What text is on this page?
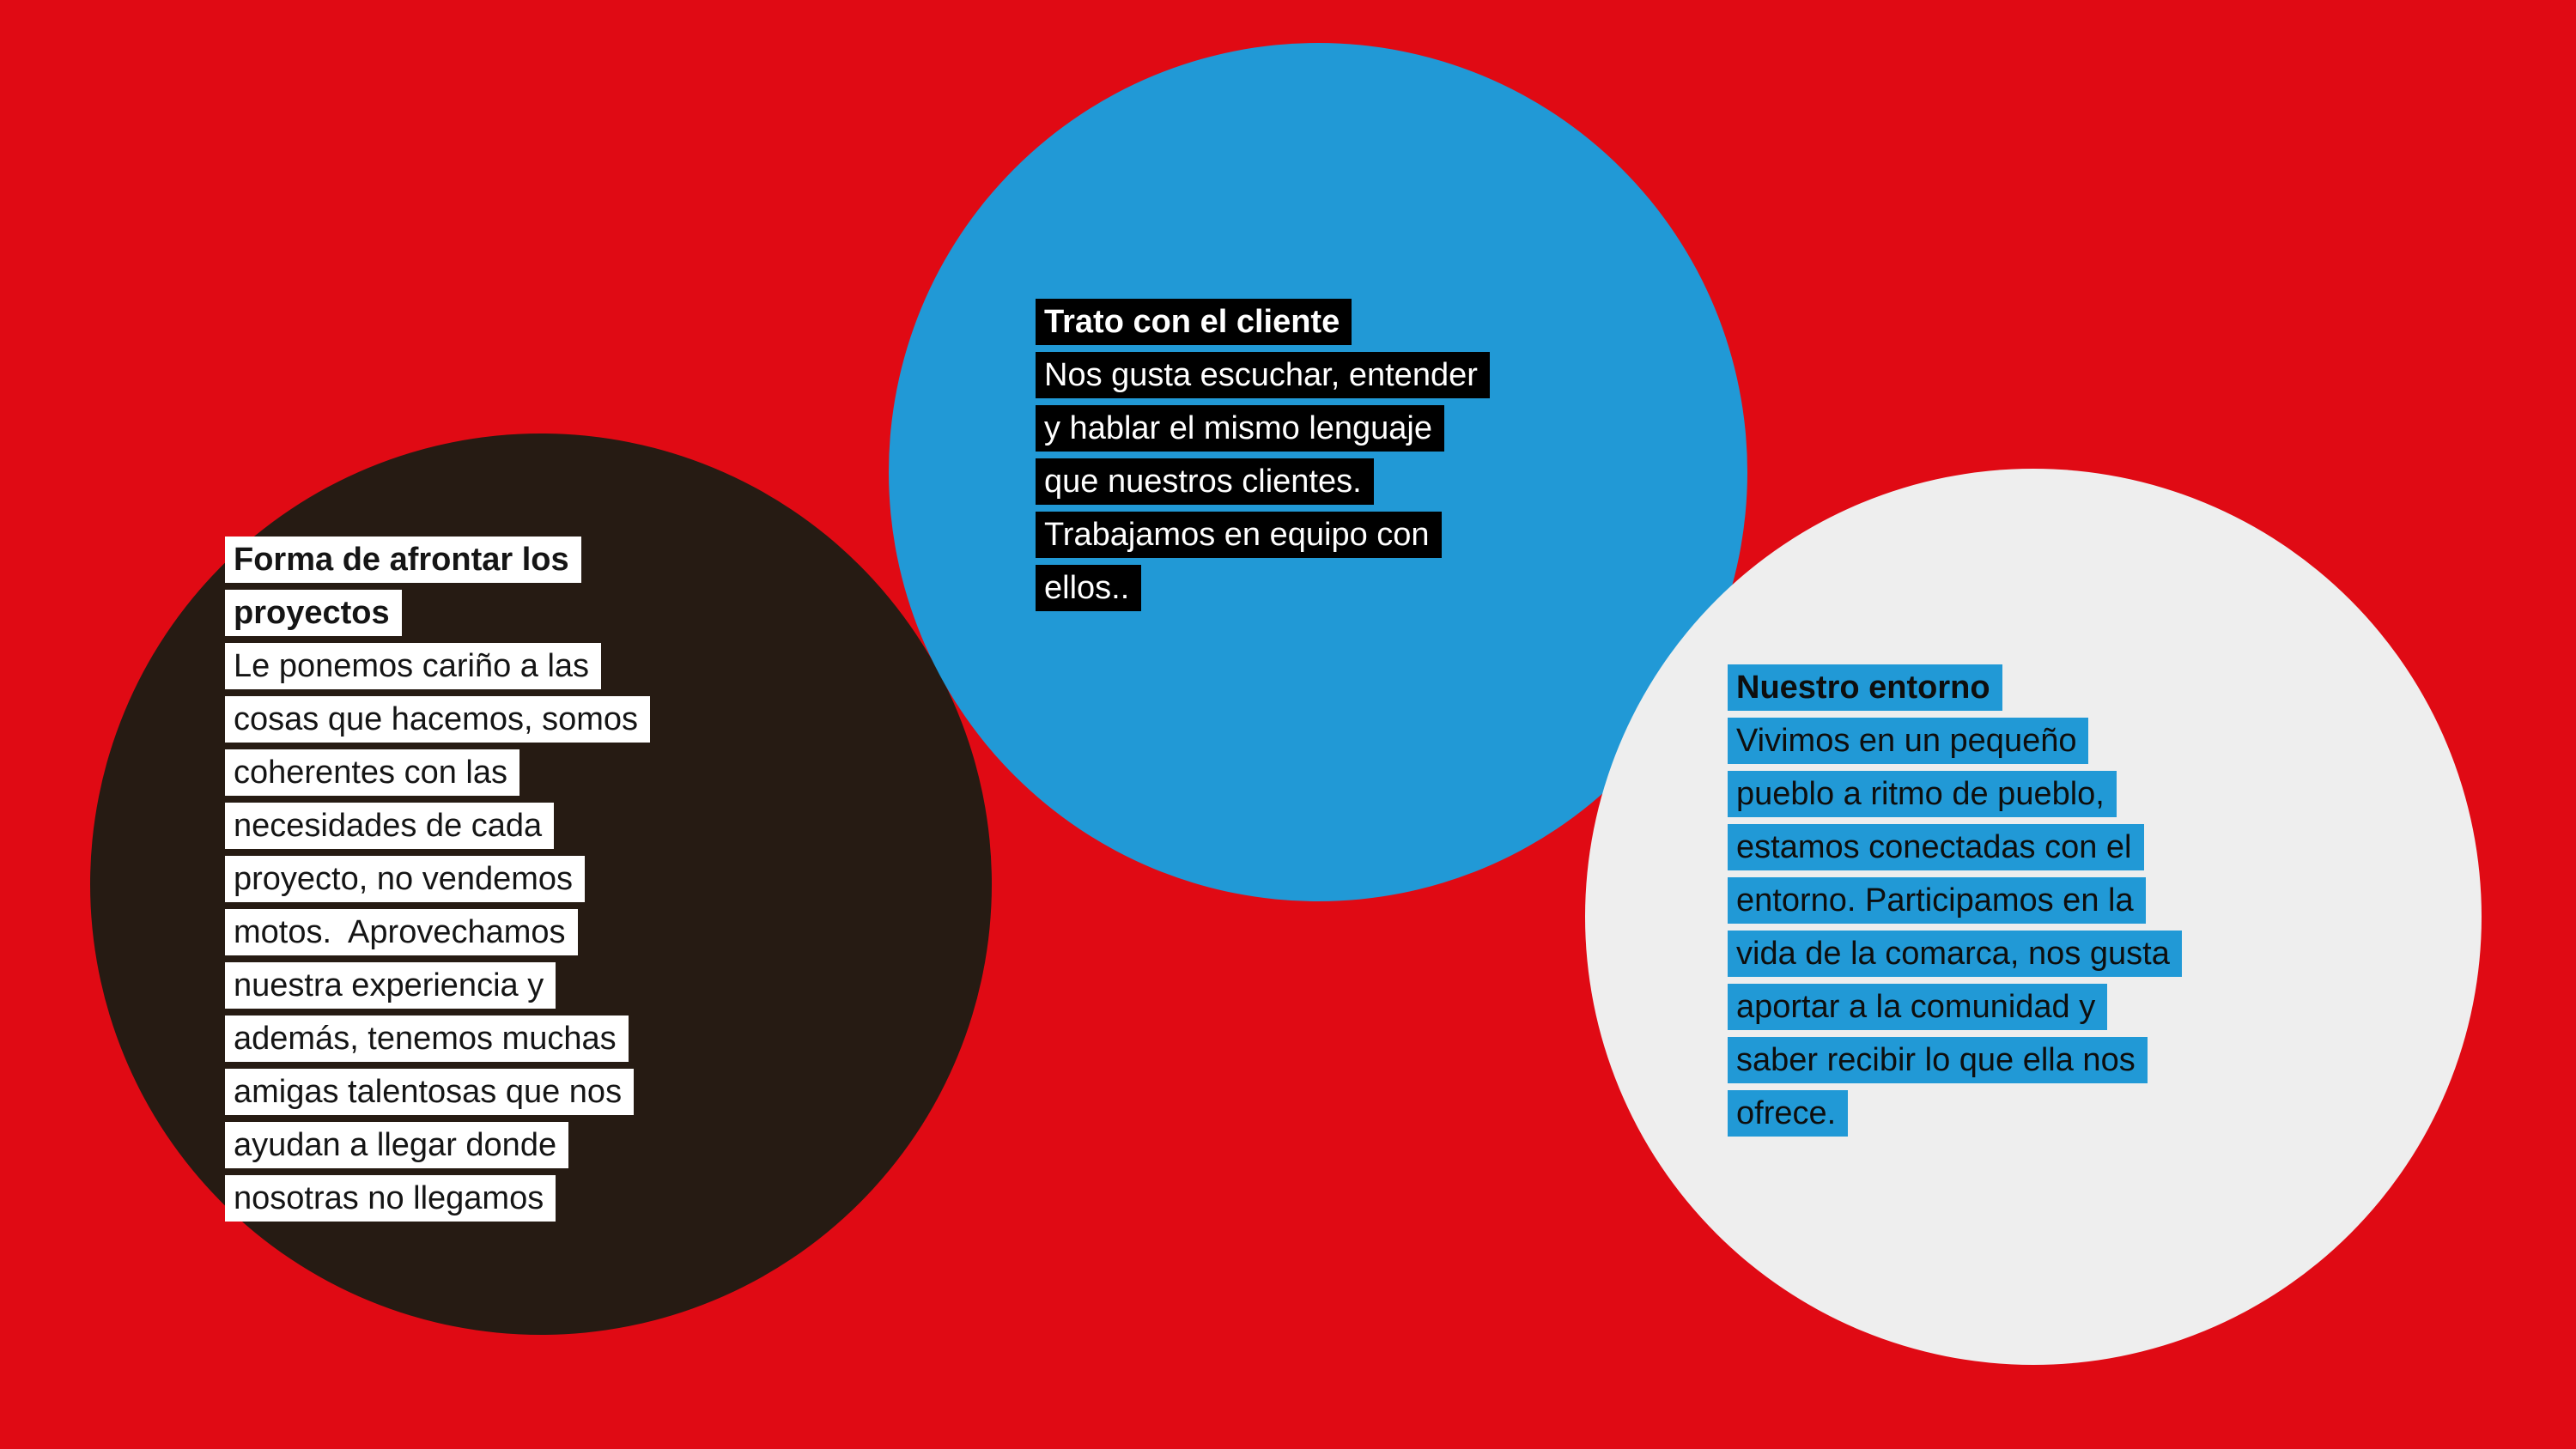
Forma de afrontar los
proyectos
Le ponemos cariño a las
cosas que hacemos, somos
coherentes con las
necesidades de cada
proyecto, no vendemos
motos.  Aprovechamos
nuestra experiencia y
además, tenemos muchas
amigas talentosas que nos
ayudan a llegar donde
nosotras no llegamos
Trato con el cliente
Nos gusta escuchar, entender
y hablar el mismo lenguaje
que nuestros clientes.
Trabajamos en equipo con
ellos..
Nuestro entorno
Vivimos en un pequeño
pueblo a ritmo de pueblo,
estamos conectadas con el
entorno. Participamos en la
vida de la comarca, nos gusta
aportar a la comunidad y
saber recibir lo que ella nos
ofrece.
